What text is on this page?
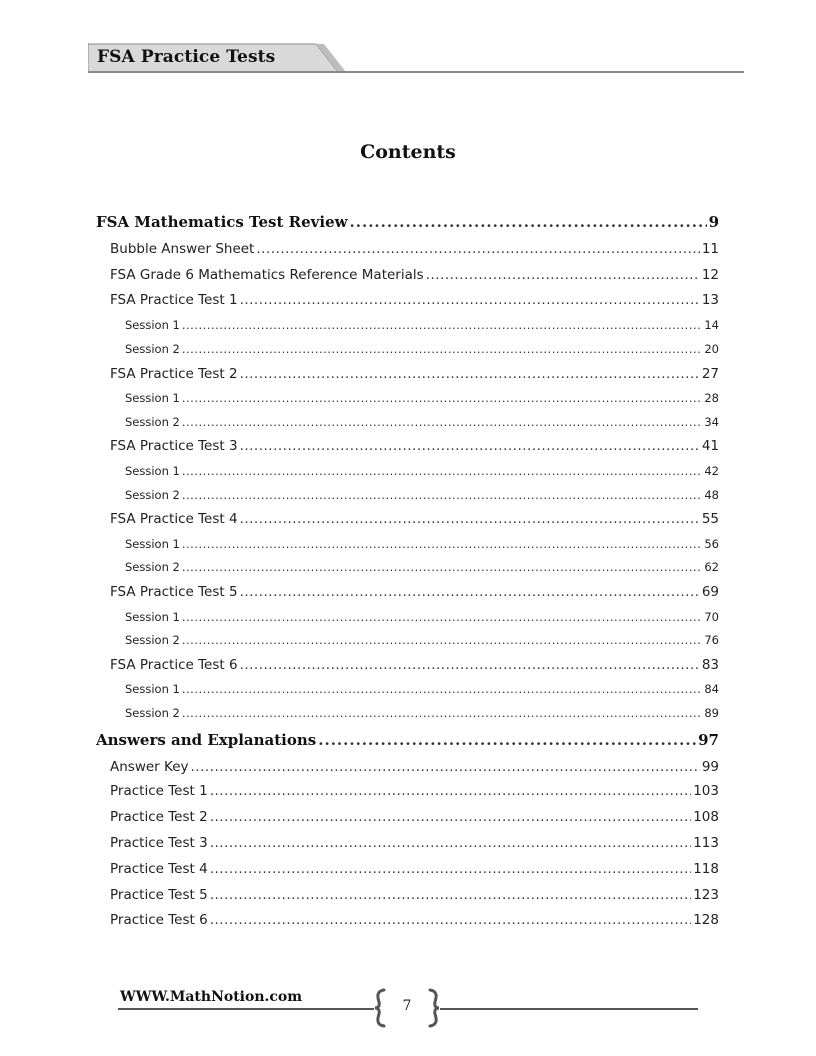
FSA Practice Tests
Contents
FSA Mathematics Test Review .....	9
Bubble Answer Sheet .....	11
FSA Grade 6 Mathematics Reference Materials .....	12
FSA Practice Test 1 .....	13
Session 1 .....	14
Session 2 .....	20
FSA Practice Test 2 .....	27
Session 1 .....	28
Session 2 .....	34
FSA Practice Test 3 .....	41
Session 1 .....	42
Session 2 .....	48
FSA Practice Test 4 .....	55
Session 1 .....	56
Session 2 .....	62
FSA Practice Test 5 .....	69
Session 1 .....	70
Session 2 .....	76
FSA Practice Test 6 .....	83
Session 1 .....	84
Session 2 .....	89
Answers and Explanations .....	97
Answer Key .....	99
Practice Test 1 .....	103
Practice Test 2 .....	108
Practice Test 3 .....	113
Practice Test 4 .....	118
Practice Test 5 .....	123
Practice Test 6 .....	128
WWW.MathNotion.com
7
